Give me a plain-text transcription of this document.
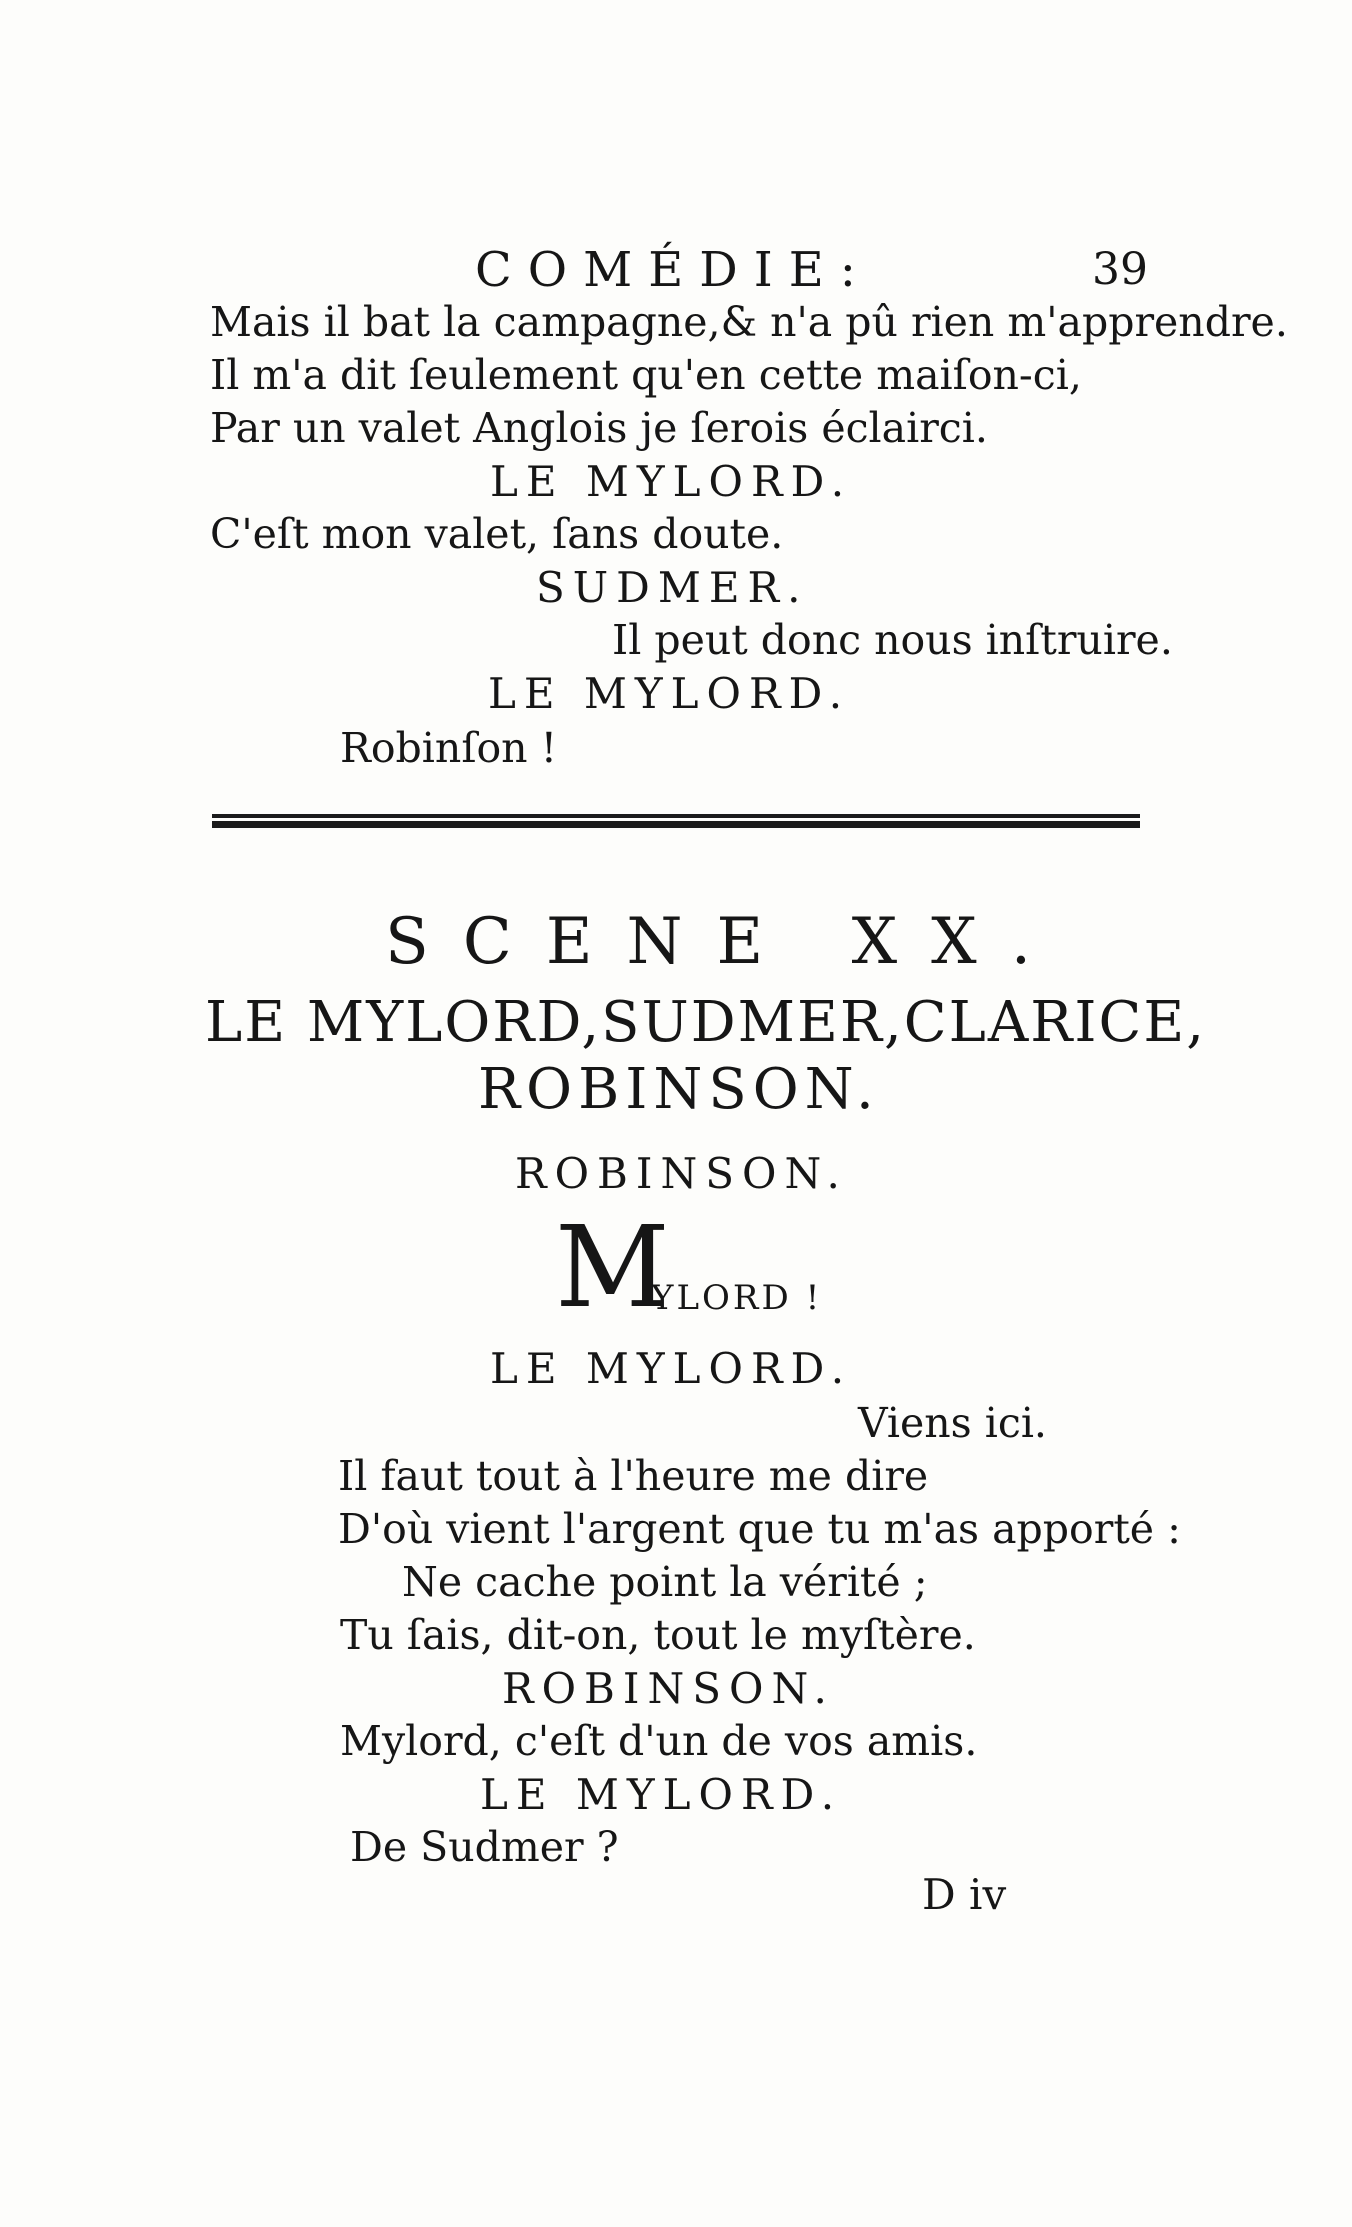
COMÉDIE:	39
Mais il bat la campagne,& n'a pû rien m'apprendre.
Il m'a dit ſeulement qu'en cette maiſon-ci,
Par un valet Anglois je ſerois éclairci.
LE MYLORD.
C'eſt mon valet, ſans doute.
SUDMER.
Il peut donc nous inſtruire.
LE MYLORD.
Robinſon !
SCENE XX.
LE MYLORD,SUDMER,CLARICE,
ROBINSON.
ROBINSON.
M
YLORD !
LE MYLORD.
Viens ici.
Il faut tout à l'heure me dire
D'où vient l'argent que tu m'as apporté :
Ne cache point la vérité ;
Tu ſais, dit-on, tout le myſtère.
ROBINSON.
Mylord, c'eſt d'un de vos amis.
LE MYLORD.
De Sudmer ?
D iv
